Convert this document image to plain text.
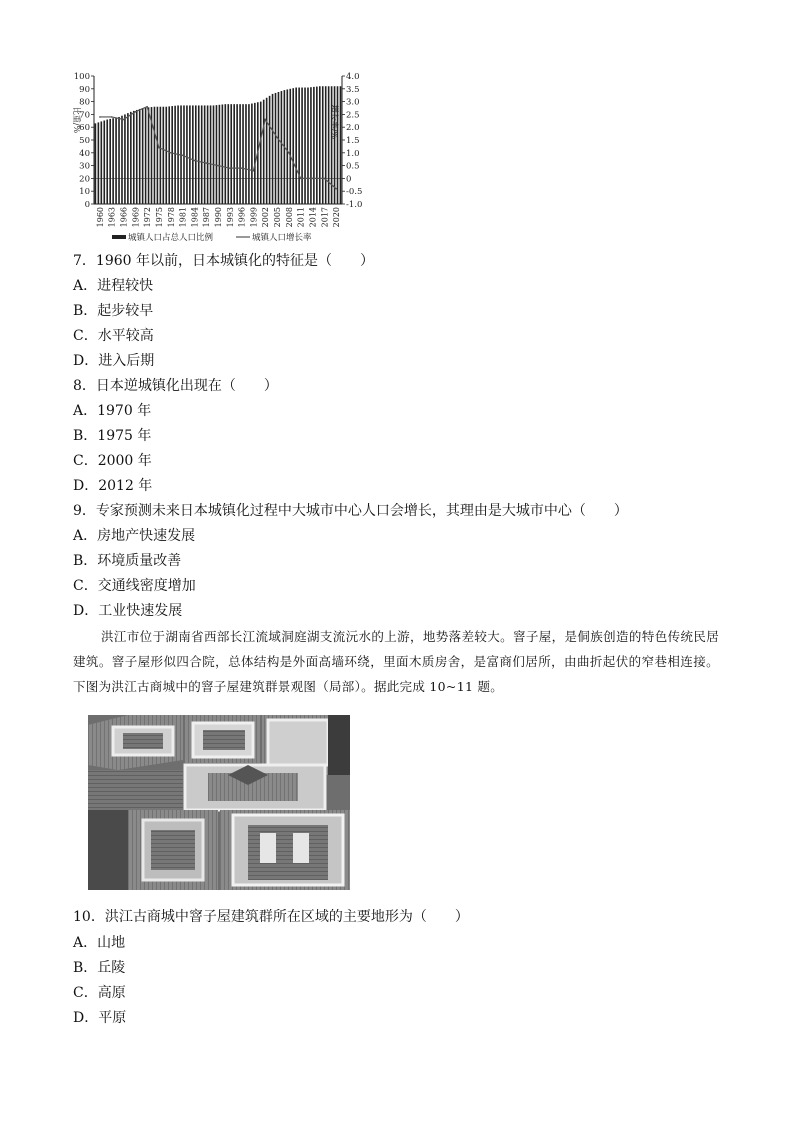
100
90
80
70
60
50
40
30
20
10
0
4.0
3.5
3.0
2.5
2.0
1.5
1.0
0.5
0
-0.5
-1.0
1960 1963 1966 1969 1972 1975 1978 1981 1984 1987 1990 1993 1996 1999 2002 2005 2008 2011 2014 2017 2020
比重/%	增长率/%
城镇人口占总人口比例	城镇人口增长率
7．1960 年以前，日本城镇化的特征是（　　）
A．进程较快
B．起步较早
C．水平较高
D．进入后期
8．日本逆城镇化出现在（　　）
A．1970 年
B．1975 年
C．2000 年
D．2012 年
9．专家预测未来日本城镇化过程中大城市中心人口会增长，其理由是大城市中心（　　）
A．房地产快速发展
B．环境质量改善
C．交通线密度增加
D．工业快速发展

洪江市位于湖南省西部长江流域洞庭湖支流沅水的上游，地势落差较大。窨子屋，是侗族创造的特色传统民居建筑。窨子屋形似四合院，总体结构是外面高墙环绕，里面木质房舍，是富商们居所，由曲折起伏的窄巷相连接。下图为洪江古商城中的窨子屋建筑群景观图（局部）。据此完成 10~11 题。

10．洪江古商城中窨子屋建筑群所在区域的主要地形为（　　）
A．山地
B．丘陵
C．高原
D．平原
